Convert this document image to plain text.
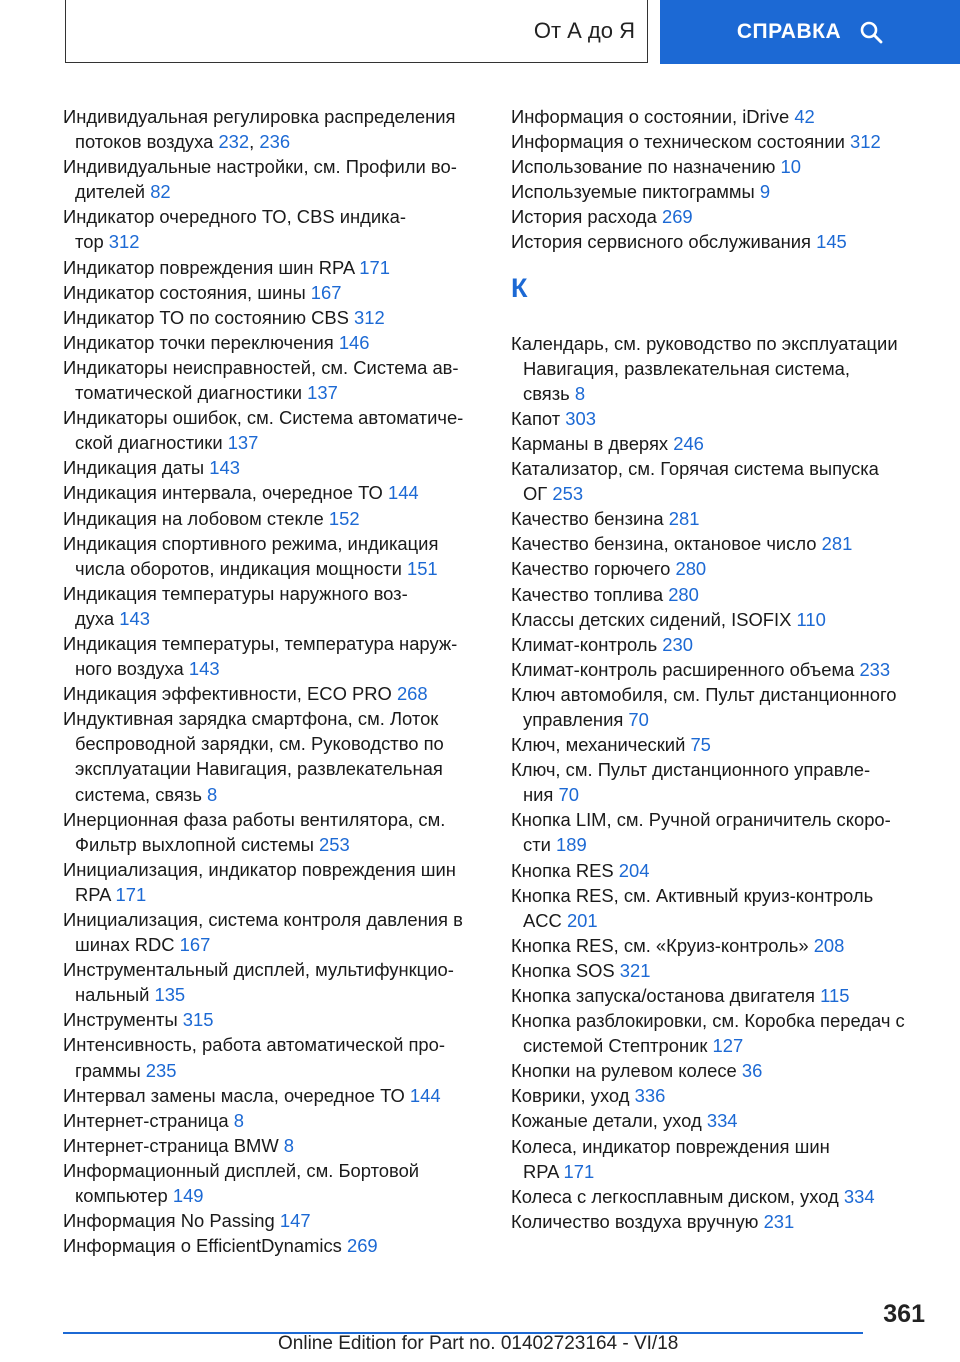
От А до Я	СПРАВКА
Индивидуальная регулировка распределения
потоков воздуха 232, 236
Индивидуальные настройки, см. Профили во-
дителей 82
Индикатор очередного ТО, CBS индика-
тор 312
Индикатор повреждения шин RPA 171
Индикатор состояния, шины 167
Индикатор ТО по состоянию CBS 312
Индикатор точки переключения 146
Индикаторы неисправностей, см. Система ав-
томатической диагностики 137
Индикаторы ошибок, см. Система автоматиче-
ской диагностики 137
Индикация даты 143
Индикация интервала, очередное ТО 144
Индикация на лобовом стекле 152
Индикация спортивного режима, индикация
числа оборотов, индикация мощности 151
Индикация температуры наружного воз-
духа 143
Индикация температуры, температура наруж-
ного воздуха 143
Индикация эффективности, ECO PRO 268
Индуктивная зарядка смартфона, см. Лоток
беспроводной зарядки, см. Руководство по
эксплуатации Навигация, развлекательная
система, связь 8
Инерционная фаза работы вентилятора, см.
Фильтр выхлопной системы 253
Инициализация, индикатор повреждения шин
RPA 171
Инициализация, система контроля давления в
шинах RDC 167
Инструментальный дисплей, мультифункцио-
нальный 135
Инструменты 315
Интенсивность, работа автоматической про-
граммы 235
Интервал замены масла, очередное ТО 144
Интернет-страница 8
Интернет-страница BMW 8
Информационный дисплей, см. Бортовой
компьютер 149
Информация No Passing 147
Информация о EfficientDynamics 269
Информация о состоянии, iDrive 42
Информация о техническом состоянии 312
Использование по назначению 10
Используемые пиктограммы 9
История расхода 269
История сервисного обслуживания 145
К
Календарь, см. руководство по эксплуатации
Навигация, развлекательная система,
связь 8
Капот 303
Карманы в дверях 246
Катализатор, см. Горячая система выпуска
ОГ 253
Качество бензина 281
Качество бензина, октановое число 281
Качество горючего 280
Качество топлива 280
Классы детских сидений, ISOFIX 110
Климат-контроль 230
Климат-контроль расширенного объема 233
Ключ автомобиля, см. Пульт дистанционного
управления 70
Ключ, механический 75
Ключ, см. Пульт дистанционного управле-
ния 70
Кнопка LIM, см. Ручной ограничитель скоро-
сти 189
Кнопка RES 204
Кнопка RES, см. Активный круиз-контроль
ACC 201
Кнопка RES, см. «Круиз-контроль» 208
Кнопка SOS 321
Кнопка запуска/останова двигателя 115
Кнопка разблокировки, см. Коробка передач с
системой Стептроник 127
Кнопки на рулевом колесе 36
Коврики, уход 336
Кожаные детали, уход 334
Колеса, индикатор повреждения шин
RPA 171
Колеса с легкосплавным диском, уход 334
Количество воздуха вручную 231
361
Online Edition for Part no. 01402723164 - VI/18
